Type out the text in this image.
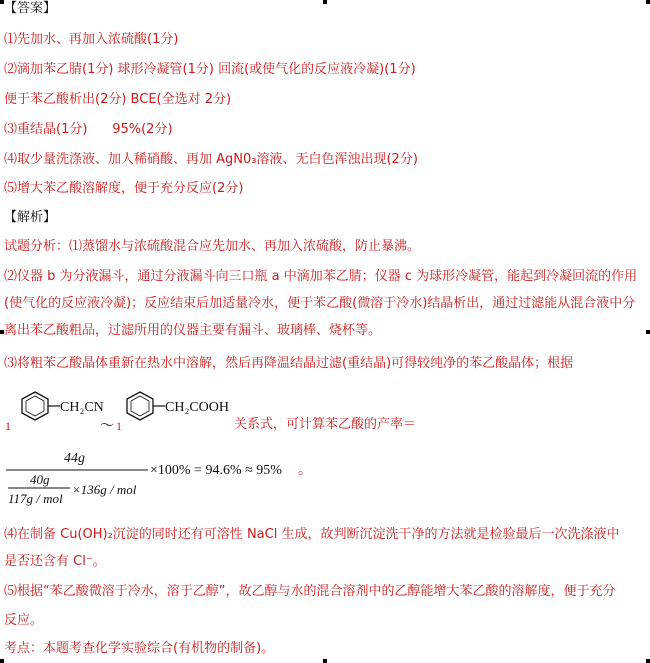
【答案】
⑴先加水、再加入浓硫酸(1分)
⑵滴加苯乙腈(1分) 球形冷凝管(1分) 回流(或使气化的反应液冷凝)(1分)
便于苯乙酸析出(2分) BCE(全选对 2分)
⑶重结晶(1分)      95%(2分)
⑷取少量洗涤液、加人稀硝酸、再加 AgN0₃溶液、无白色浑浊出现(2分)
⑸增大苯乙酸溶解度，便于充分反应(2分)
【解析】
试题分析：⑴蒸馏水与浓硫酸混合应先加水、再加入浓硫酸，防止暴沸。
⑵仪器 b 为分液漏斗，通过分液漏斗向三口瓶 a 中滴加苯乙腈；仪器 c 为球形冷凝管，能起到冷凝回流的作用(使气化的反应液冷凝)；反应结束后加适量冷水，便于苯乙酸(微溶于冷水)结晶析出，通过过滤能从混合液中分离出苯乙酸粗品，过滤所用的仪器主要有漏斗、玻璃棒、烧杯等。
⑶将粗苯乙酸晶体重新在热水中溶解，然后再降温结晶过滤(重结晶)可得较纯净的苯乙酸晶体；根据
1
CH₂CN
～ 1
CH₂COOH
关系式，可计算苯乙酸的产率＝
44g
40g
117g / mol
×136g / mol
×100% = 94.6% ≈ 95% 。
⑷在制备 Cu(OH)₂沉淀的同时还有可溶性 NaCl 生成，故判断沉淀洗干净的方法就是检验最后一次洗涤液中
是否还含有 Cl⁻。
⑸根据“苯乙酸微溶于冷水，溶于乙醇”，故乙醇与水的混合溶剂中的乙醇能增大苯乙酸的溶解度，便于充分
反应。
考点：本题考查化学实验综合(有机物的制备)。
